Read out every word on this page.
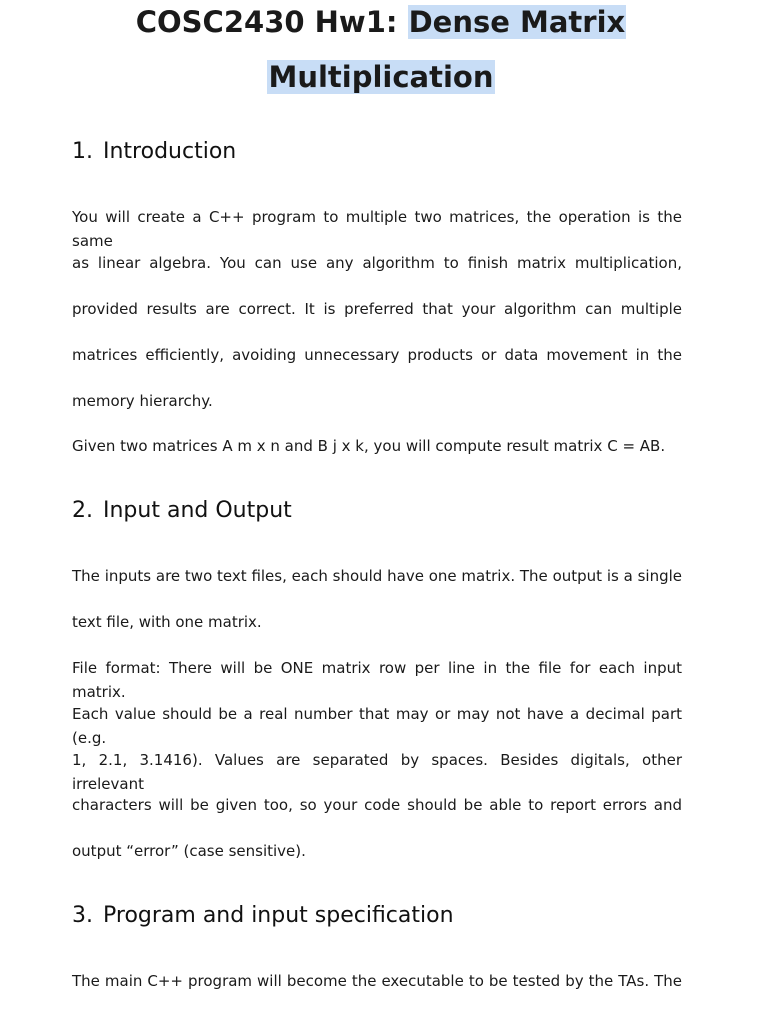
COSC2430 Hw1: Dense Matrix
Multiplication
1. Introduction

You will create a C++ program to multiple two matrices, the operation is the same

as linear algebra. You can use any algorithm to finish matrix multiplication,

provided results are correct. It is preferred that your algorithm can multiple

matrices efficiently, avoiding unnecessary products or data movement in the

memory hierarchy.

Given two matrices A m x n and B j x k, you will compute result matrix C = AB.

2. Input and Output

The inputs are two text files, each should have one matrix. The output is a single

text file, with one matrix.

File format: There will be ONE matrix row per line in the file for each input matrix.

Each value should be a real number that may or may not have a decimal part (e.g.

1, 2.1, 3.1416). Values are separated by spaces. Besides digitals, other irrelevant

characters will be given too, so your code should be able to report errors and

output “error” (case sensitive).

3. Program and input specification

The main C++ program will become the executable to be tested by the TAs. The
